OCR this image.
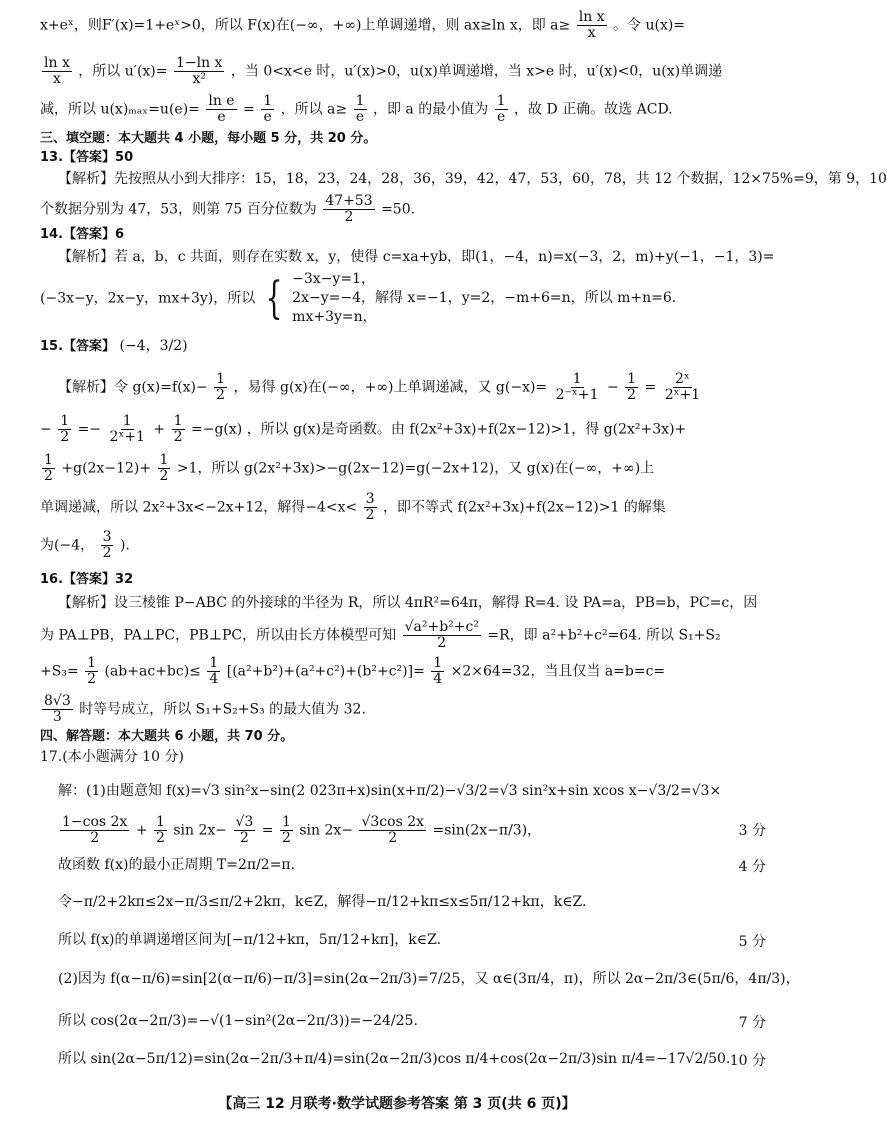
x+eˣ，则F′(x)=1+eˣ>0，所以 F(x)在(−∞，+∞)上单调递增，则 ax≥ln x，即 $a\ge \frac{\text{ln x}}{x}$ 。令 u(x)=
$\frac{\text{ln x}}{x}$ ，所以 $u'(x)= \frac{\text{1−ln x}}{\text{x²}}$ ，当 0<x<e 时，u′(x)>0，u(x)单调递增，当 x>e 时，u′(x)<0，u(x)单调递
减，所以 $u(x)_{max}=u(e)= \frac{\text{ln e}}{e} = \frac{1}{e}$ ，所以 $a\ge \frac{1}{e}$ ，即 a 的最小值为 $\frac{1}{e}$ ，故 D 正确。故选 ACD.
三、填空题：本大题共 4 小题，每小题 5 分，共 20 分。
13.【答案】50
【解析】先按照从小到大排序：15，18，23，24，28，36，39，42，47，53，60，78，共 12 个数据，12×75%=9，第 9，10
个数据分别为 47，53，则第 75 百分位数为 $\frac{47+53}{2} =50$.
14.【答案】6
【解析】若 a，b，c 共面，则存在实数 x，y，使得 c=xa+yb，即(1，−4，n)=x(−3，2，m)+y(−1，−1，3)=
(−3x−y，2x−y，mx+3y)，所以 { −3x−y=1，
2x−y=−4，解得 x=−1，y=2，−m+6=n，所以 m+n=6.
mx+3y=n，
15.【答案】 (−4，3/2)
【解析】令 $g(x)=f(x)- \frac{1}{2}$ ，易得 g(x)在(−∞，+∞)上单调递减，又 $g(-x)= \frac{1}{\text{2⁻ˣ+1}} - \frac{1}{2} = \frac{\text{2ˣ}}{\text{2ˣ+1}}$
− $\frac{1}{2} =- \frac{1}{\text{2ˣ+1}} + \frac{1}{2} =-g(x)$ ，所以 g(x)是奇函数。由 f(2x²+3x)+f(2x−12)>1，得 g(2x²+3x)+
$\frac{1}{2} +g(2x-12)+ \frac{1}{2} >1$，所以 g(2x²+3x)>−g(2x−12)=g(−2x+12)，又 g(x)在(−∞，+∞)上
单调递减，所以 2x²+3x<−2x+12，解得$-4<x< \frac{3}{2}$ ，即不等式 f(2x²+3x)+f(2x−12)>1 的解集
为(−4， $\frac{3}{2}$ ).
16.【答案】32
【解析】设三棱锥 P−ABC 的外接球的半径为 R，所以 4πR²=64π，解得 R=4. 设 PA=a，PB=b，PC=c，因
为 PA⊥PB，PA⊥PC，PB⊥PC，所以由长方体模型可知 $\frac{\text{√a²+b²+c²}}{2} =R$，即 a²+b²+c²=64. 所以 S₁+S₂
$+S_3= \frac{1}{2} (ab+ac+bc)\le \frac{1}{4} [(a^2+b^2)+(a^2+c^2)+(b^2+c^2)]= \frac{1}{4} \times 2\times 64=32$，当且仅当 a=b=c=
$\frac{8√3}{3}$ 时等号成立，所以 S₁+S₂+S₃ 的最大值为 32.
四、解答题：本大题共 6 小题，共 70 分。
17.(本小题满分 10 分)
解：(1)由题意知 f(x)=√3 sin²x−sin(2 023π+x)sin(x+π/2)−√3/2=√3 sin²x+sin xcos x−√3/2=√3×
$\frac{1-\cos 2x}{2} + \frac{1}{2}$ $\sin 2x- \frac{√3}{2} = \frac{1}{2}$ $\sin 2x- \frac{√3\cos 2x}{2} =\sin(2x-\pi/3)$，	3 分
故函数 f(x)的最小正周期 T=2π/2=π.	4 分
令−π/2+2kπ≤2x−π/3≤π/2+2kπ，k∈Z，解得−π/12+kπ≤x≤5π/12+kπ，k∈Z.
所以 f(x)的单调递增区间为[−π/12+kπ，5π/12+kπ]，k∈Z.	5 分
(2)因为 f(α−π/6)=sin[2(α−π/6)−π/3]=sin(2α−2π/3)=7/25，又 α∈(3π/4，π)，所以 2α−2π/3∈(5π/6，4π/3)，
所以 cos(2α−2π/3)=−√(1−sin²(2α−2π/3))=−24/25.	7 分
所以 sin(2α−5π/12)=sin(2α−2π/3+π/4)=sin(2α−2π/3)cos π/4+cos(2α−2π/3)sin π/4=−17√2/50. 10 分
【高三 12 月联考·数学试题参考答案 第 3 页(共 6 页)】
